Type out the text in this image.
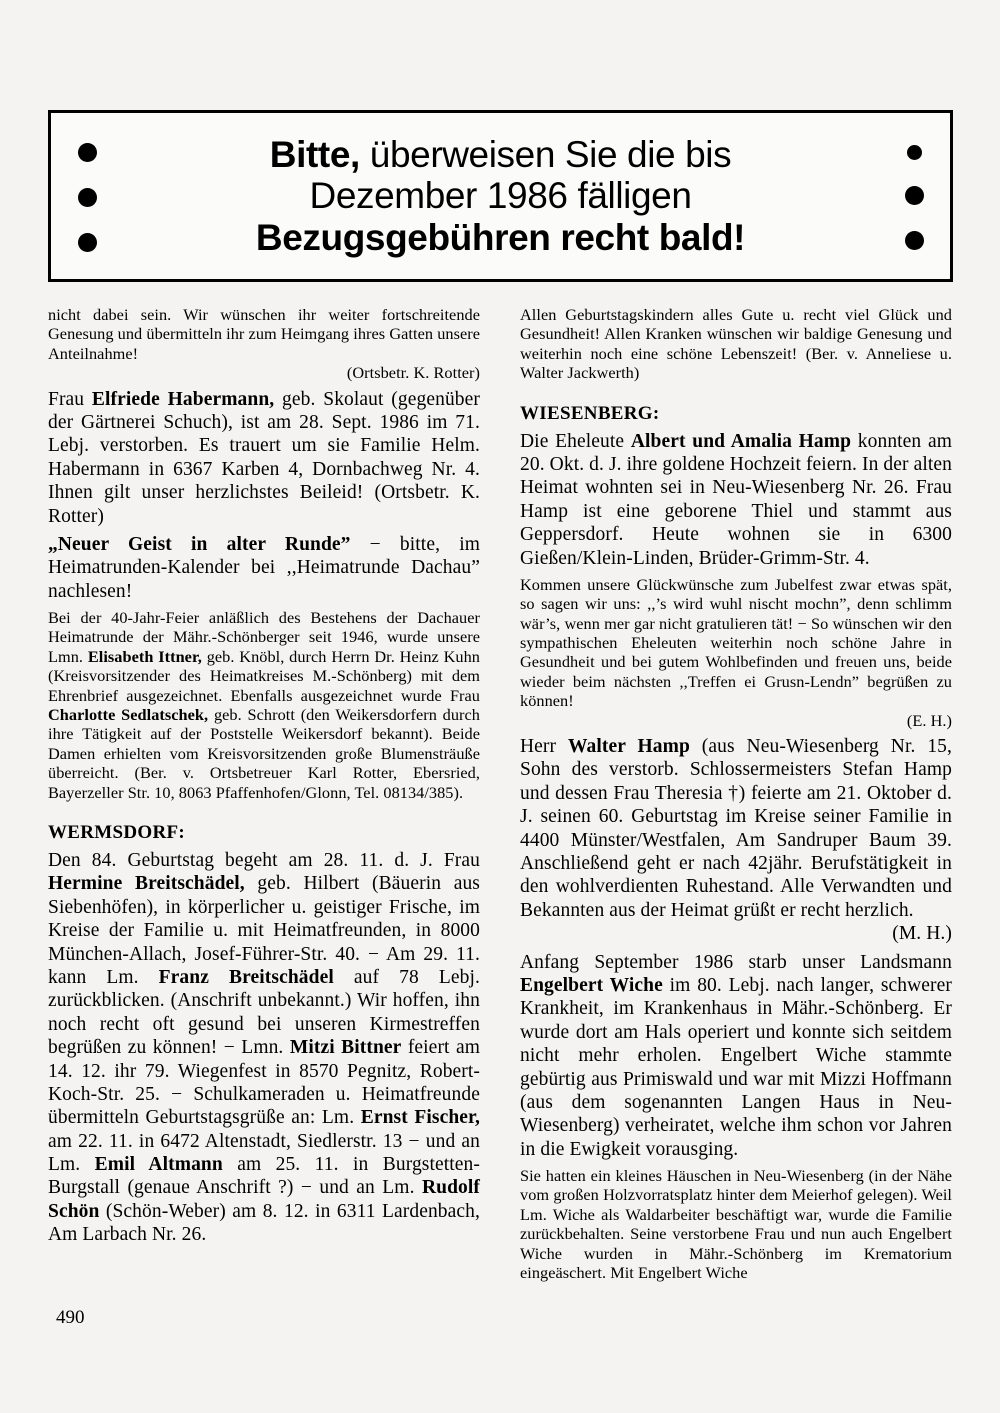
Bitte, überweisen Sie die bis
Dezember 1986 fälligen
Bezugsgebühren recht bald!

nicht dabei sein. Wir wünschen ihr weiter fortschreitende Genesung und übermitteln ihr zum Heimgang ihres Gatten unsere Anteilnahme!

(Ortsbetr. K. Rotter)

Frau Elfriede Habermann, geb. Skolaut (gegenüber der Gärtnerei Schuch), ist am 28. Sept. 1986 im 71. Lebj. verstorben. Es trauert um sie Familie Helm. Habermann in 6367 Karben 4, Dornbachweg Nr. 4. Ihnen gilt unser herzlichstes Beileid! (Ortsbetr. K. Rotter)

„Neuer Geist in alter Runde” − bitte, im Heimatrunden-Kalender bei ,,Heimatrunde Dachau” nachlesen!

Bei der 40-Jahr-Feier anläßlich des Bestehens der Dachauer Heimatrunde der Mähr.-Schönberger seit 1946, wurde unsere Lmn. Elisabeth Ittner, geb. Knöbl, durch Herrn Dr. Heinz Kuhn (Kreisvorsitzender des Heimatkreises M.-Schönberg) mit dem Ehrenbrief ausgezeichnet. Ebenfalls ausgezeichnet wurde Frau Charlotte Sedlatschek, geb. Schrott (den Weikersdorfern durch ihre Tätigkeit auf der Poststelle Weikersdorf bekannt). Beide Damen erhielten vom Kreisvorsitzenden große Blumensträuße überreicht. (Ber. v. Ortsbetreuer Karl Rotter, Ebersried, Bayerzeller Str. 10, 8063 Pfaffenhofen/Glonn, Tel. 08134/385).

WERMSDORF:

Den 84. Geburtstag begeht am 28. 11. d. J. Frau Hermine Breitschädel, geb. Hilbert (Bäuerin aus Siebenhöfen), in körperlicher u. geistiger Frische, im Kreise der Familie u. mit Heimatfreunden, in 8000 München-Allach, Josef-Führer-Str. 40. − Am 29. 11. kann Lm. Franz Breitschädel auf 78 Lebj. zurückblicken. (Anschrift unbekannt.) Wir hoffen, ihn noch recht oft gesund bei unseren Kirmestreffen begrüßen zu können! − Lmn. Mitzi Bittner feiert am 14. 12. ihr 79. Wiegenfest in 8570 Pegnitz, Robert-Koch-Str. 25. − Schulkameraden u. Heimatfreunde übermitteln Geburtstagsgrüße an: Lm. Ernst Fischer, am 22. 11. in 6472 Altenstadt, Siedlerstr. 13 − und an Lm. Emil Altmann am 25. 11. in Burgstetten-Burgstall (genaue Anschrift ?) − und an Lm. Rudolf Schön (Schön-Weber) am 8. 12. in 6311 Lardenbach, Am Larbach Nr. 26.

Allen Geburtstagskindern alles Gute u. recht viel Glück und Gesundheit! Allen Kranken wünschen wir baldige Genesung und weiterhin noch eine schöne Lebenszeit! (Ber. v. Anneliese u. Walter Jackwerth)

WIESENBERG:

Die Eheleute Albert und Amalia Hamp konnten am 20. Okt. d. J. ihre goldene Hochzeit feiern. In der alten Heimat wohnten sei in Neu-Wiesenberg Nr. 26. Frau Hamp ist eine geborene Thiel und stammt aus Geppersdorf. Heute wohnen sie in 6300 Gießen/Klein-Linden, Brüder-Grimm-Str. 4.

Kommen unsere Glückwünsche zum Jubelfest zwar etwas spät, so sagen wir uns: ,,’s wird wuhl nischt mochn”, denn schlimm wär’s, wenn mer gar nicht gratulieren tät! − So wünschen wir den sympathischen Eheleuten weiterhin noch schöne Jahre in Gesundheit und bei gutem Wohlbefinden und freuen uns, beide wieder beim nächsten ,,Treffen ei Grusn-Lendn” begrüßen zu können!

(E. H.)

Herr Walter Hamp (aus Neu-Wiesenberg Nr. 15, Sohn des verstorb. Schlossermeisters Stefan Hamp und dessen Frau Theresia †) feierte am 21. Oktober d. J. seinen 60. Geburtstag im Kreise seiner Familie in 4400 Münster/Westfalen, Am Sandruper Baum 39. Anschließend geht er nach 42jähr. Berufstätigkeit in den wohlverdienten Ruhestand. Alle Verwandten und Bekannten aus der Heimat grüßt er recht herzlich.

(M. H.)

Anfang September 1986 starb unser Landsmann Engelbert Wiche im 80. Lebj. nach langer, schwerer Krankheit, im Krankenhaus in Mähr.-Schönberg. Er wurde dort am Hals operiert und konnte sich seitdem nicht mehr erholen. Engelbert Wiche stammte gebürtig aus Primiswald und war mit Mizzi Hoffmann (aus dem sogenannten Langen Haus in Neu-Wiesenberg) verheiratet, welche ihm schon vor Jahren in die Ewigkeit vorausging.

Sie hatten ein kleines Häuschen in Neu-Wiesenberg (in der Nähe vom großen Holzvorratsplatz hinter dem Meierhof gelegen). Weil Lm. Wiche als Waldarbeiter beschäftigt war, wurde die Familie zurückbehalten. Seine verstorbene Frau und nun auch Engelbert Wiche wurden in Mähr.-Schönberg im Krematorium eingeäschert. Mit Engelbert Wiche

490
